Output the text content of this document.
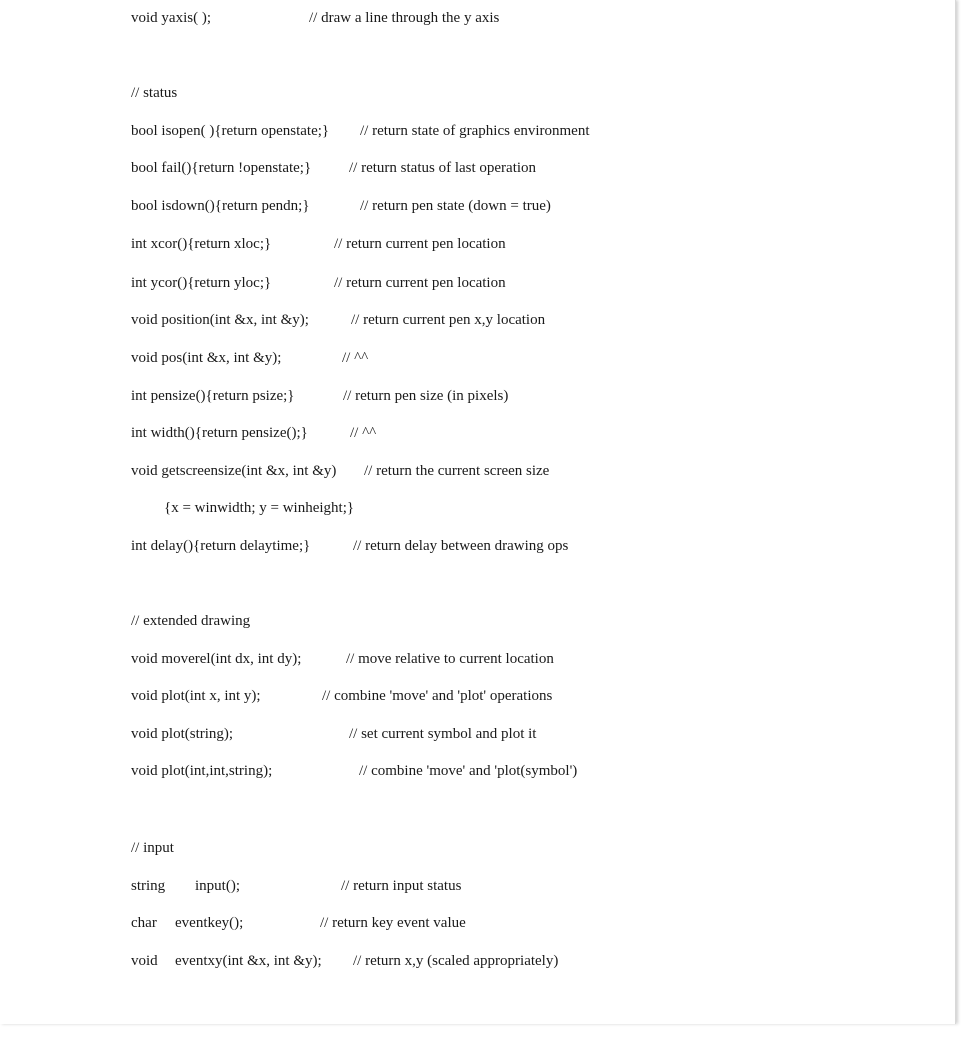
void yaxis( );

	// draw a line through the y axis

// status

bool isopen( ){return openstate;}

// return state of graphics environment

bool fail(){return !openstate;}

	// return status of last operation

bool isdown(){return pendn;}

	// return pen state (down = true)

int xcor(){return xloc;}

	// return current pen location

int ycor(){return yloc;}

	// return current pen location

void position(int &x, int &y);

	// return current pen x,y location

void pos(int &x, int &y);

	// ^^

int pensize(){return psize;}

	// return pen size (in pixels)

int width(){return pensize();}

	// ^^

void getscreensize(int &x, int &y)

// return the current screen size

{x = winwidth; y = winheight;}

int delay(){return delaytime;}

	// return delay between drawing ops

// extended drawing

void moverel(int dx, int dy);

	// move relative to current location

void plot(int x, int y);

	// combine 'move' and 'plot' operations

void plot(string);

	// set current symbol and plot it

void plot(int,int,string);

	// combine 'move' and 'plot(symbol')

// input

string

input();

	// return input status

char

eventkey();

	// return key event value

void

eventxy(int &x, int &y);

// return x,y (scaled appropriately)
